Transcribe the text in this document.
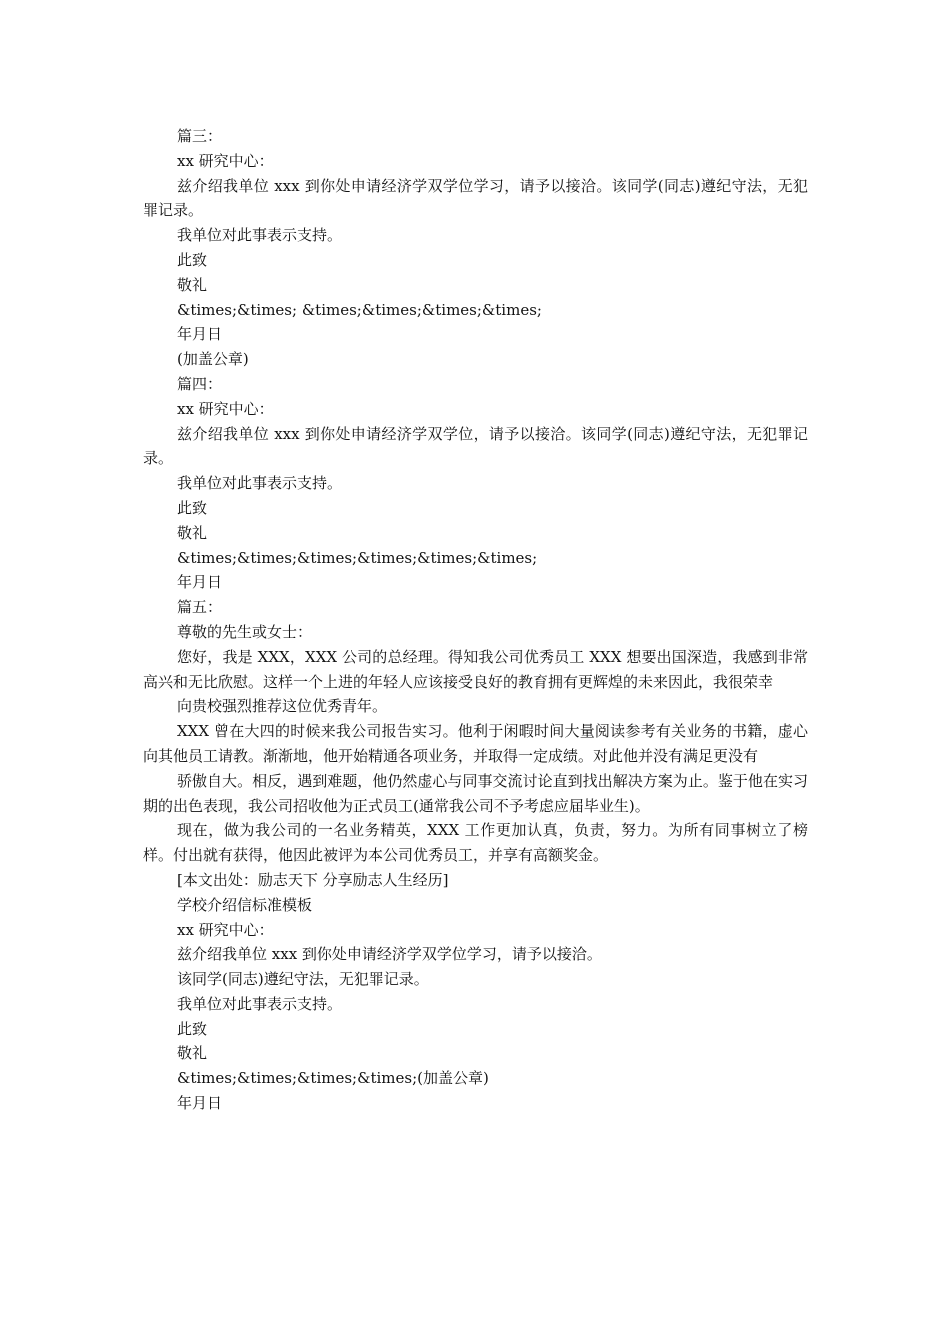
篇三：

xx 研究中心：

兹介绍我单位 xxx 到你处申请经济学双学位学习，请予以接洽。该同学(同志)遵纪守法，无犯罪记录。

我单位对此事表示支持。

此致

敬礼

&times;&times; &times;&times;&times;&times;

年月日

(加盖公章)

篇四：

xx 研究中心：

兹介绍我单位 xxx 到你处申请经济学双学位，请予以接洽。该同学(同志)遵纪守法，无犯罪记录。

我单位对此事表示支持。

此致

敬礼

&times;&times;&times;&times;&times;&times;

年月日

篇五：

尊敬的先生或女士：

您好，我是 XXX，XXX 公司的总经理。得知我公司优秀员工 XXX 想要出国深造，我感到非常高兴和无比欣慰。这样一个上进的年轻人应该接受良好的教育拥有更辉煌的未来因此，我很荣幸

向贵校强烈推荐这位优秀青年。

XXX 曾在大四的时候来我公司报告实习。他利于闲暇时间大量阅读参考有关业务的书籍，虚心向其他员工请教。渐渐地，他开始精通各项业务，并取得一定成绩。对此他并没有满足更没有

骄傲自大。相反，遇到难题，他仍然虚心与同事交流讨论直到找出解决方案为止。鉴于他在实习期的出色表现，我公司招收他为正式员工(通常我公司不予考虑应届毕业生)。

现在，做为我公司的一名业务精英，XXX 工作更加认真，负责，努力。为所有同事树立了榜样。付出就有获得，他因此被评为本公司优秀员工，并享有高额奖金。

[本文出处：励志天下 分享励志人生经历]

学校介绍信标准模板

xx 研究中心：

兹介绍我单位 xxx 到你处申请经济学双学位学习，请予以接洽。

该同学(同志)遵纪守法，无犯罪记录。

我单位对此事表示支持。

此致

敬礼

&times;&times;&times;&times;(加盖公章)

年月日
